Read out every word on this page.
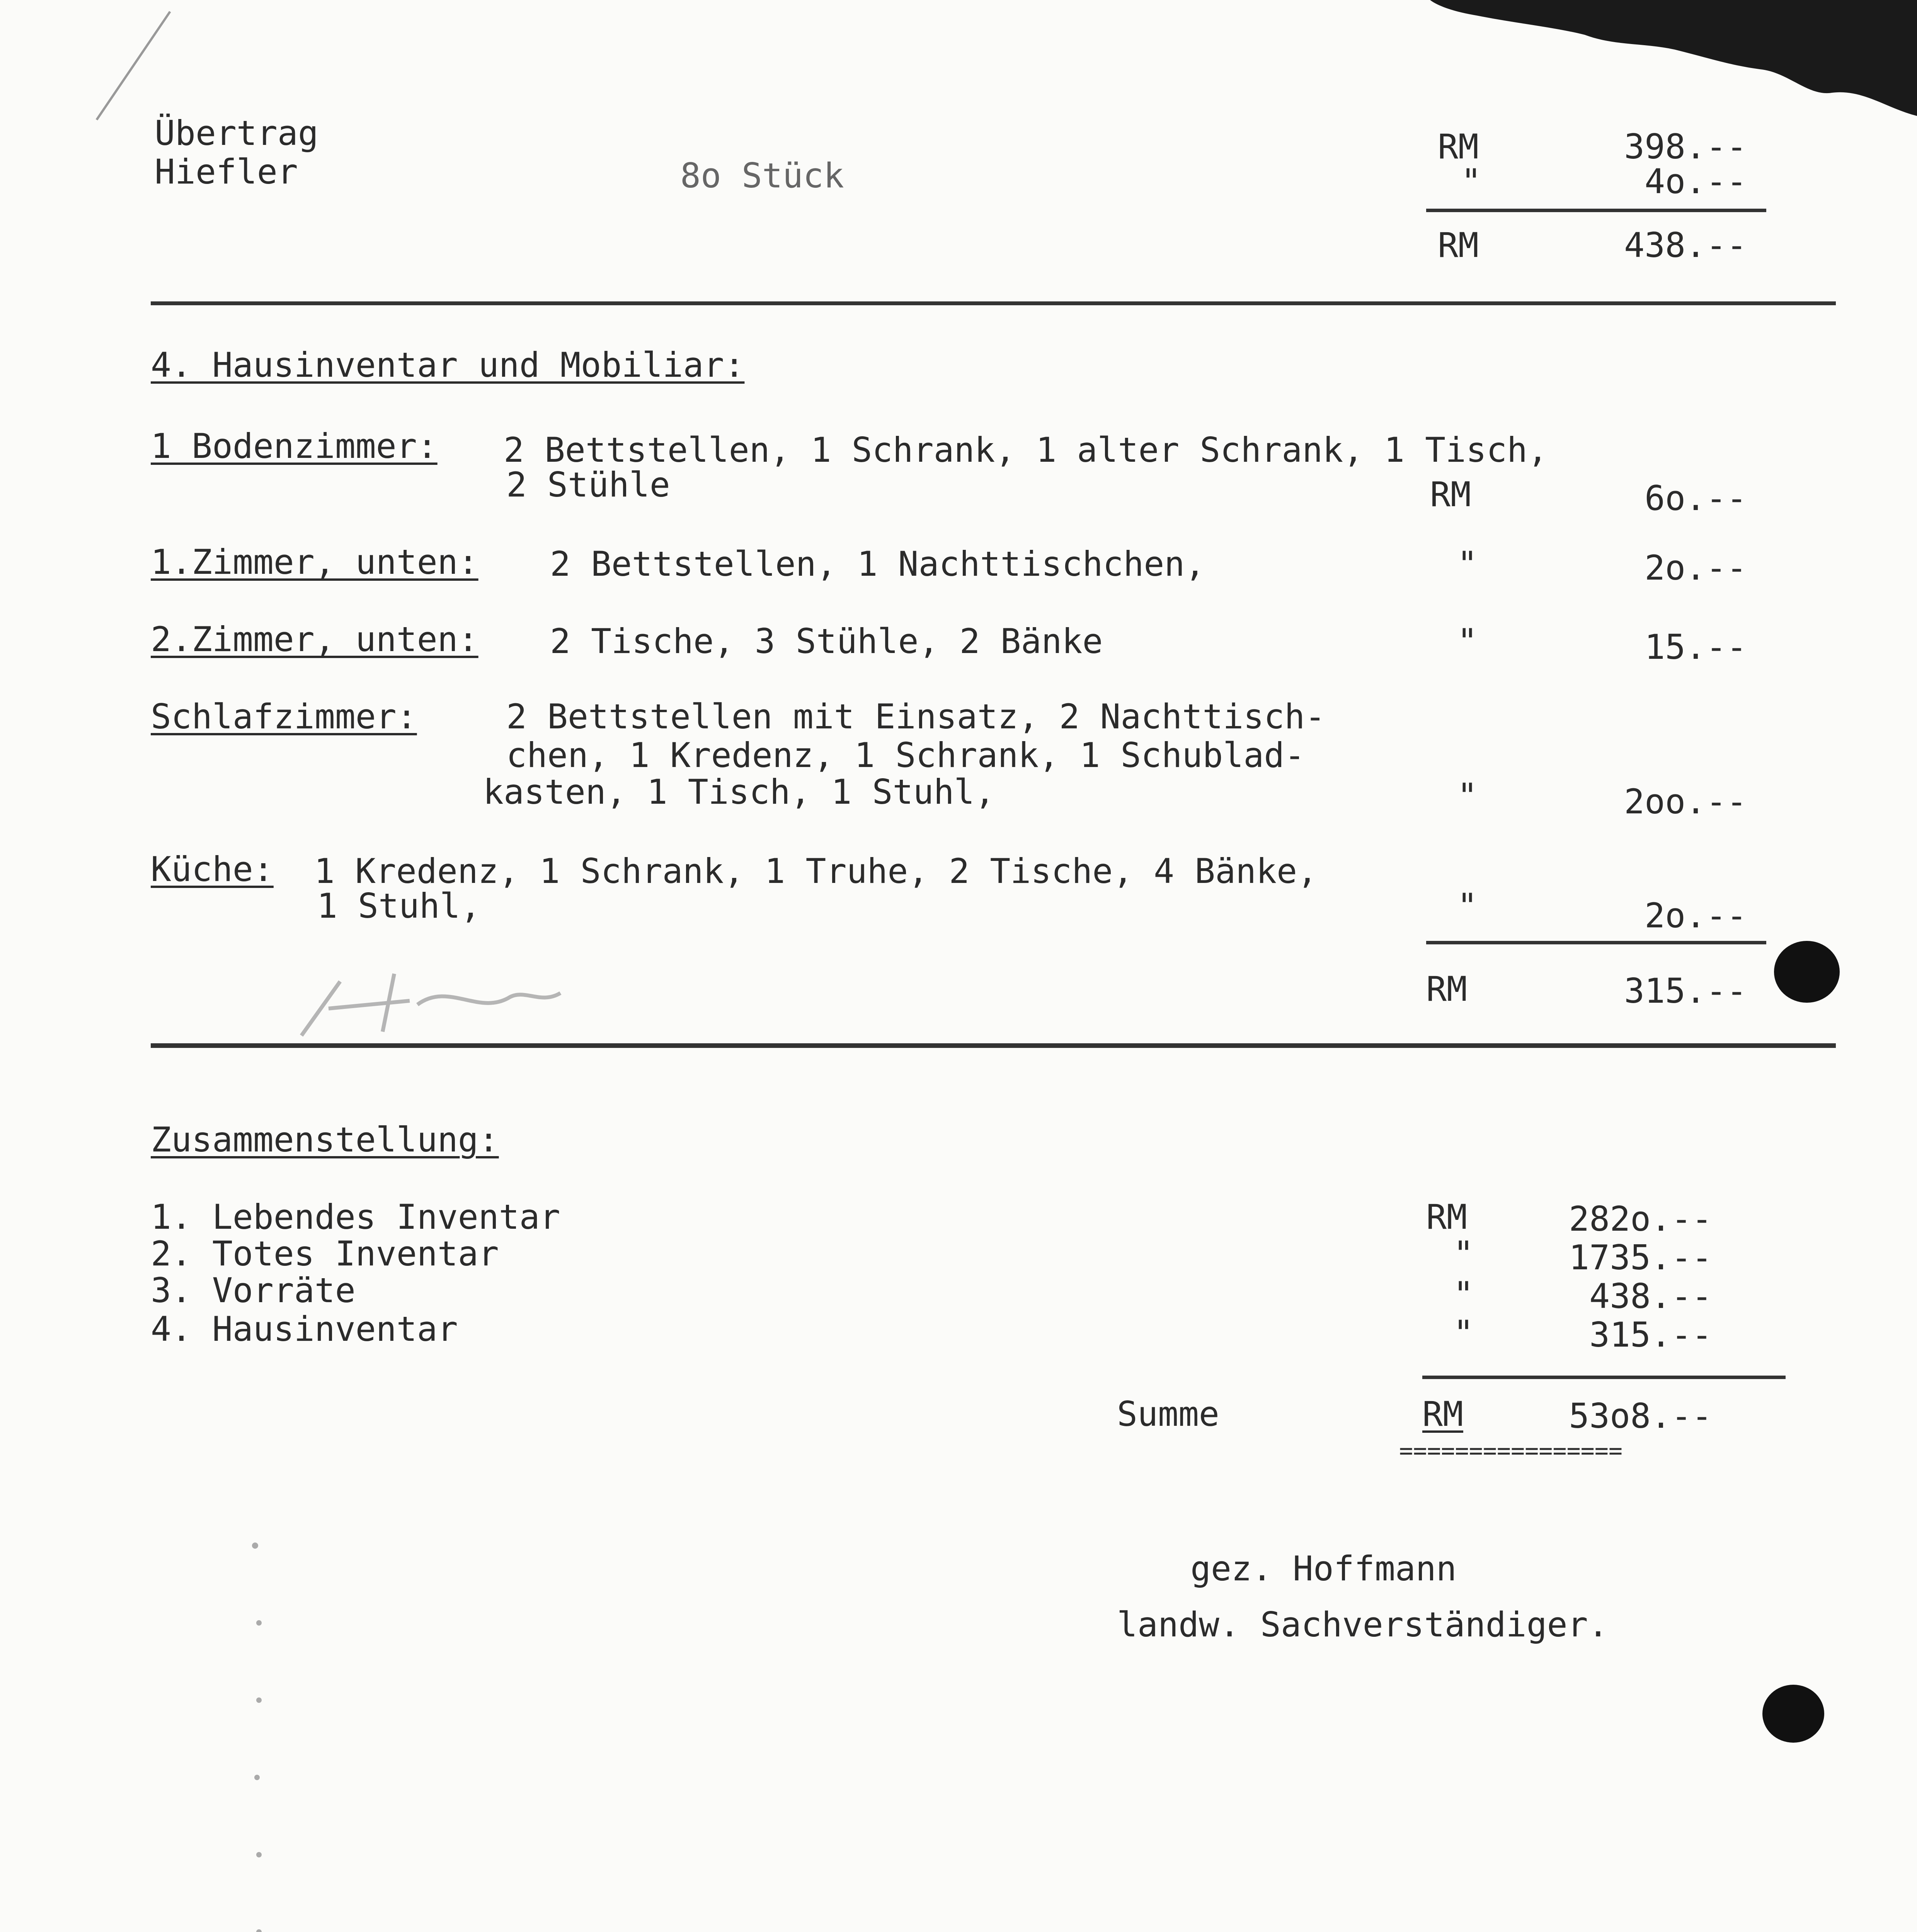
Übertrag
Hiefler	8o Stück
RM	398.--
"	4o.--
RM	438.--
4. Hausinventar und Mobiliar:
1 Bodenzimmer: 2 Bettstellen, 1 Schrank, 1 alter Schrank, 1 Tisch,
2 Stühle	RM	6o.--
1.Zimmer, unten: 2 Bettstellen, 1 Nachttischchen,	"	2o.--
2.Zimmer, unten: 2 Tische, 3 Stühle, 2 Bänke	"	15.--
Schlafzimmer:	2 Bettstellen mit Einsatz, 2 Nachttisch-
chen, 1 Kredenz, 1 Schrank, 1 Schublad-
kasten, 1 Tisch, 1 Stuhl,	"	2oo.--
Küche: 1 Kredenz, 1 Schrank, 1 Truhe, 2 Tische, 4 Bänke,
1 Stuhl,	"	2o.--
RM	315.--
Zusammenstellung:
1. Lebendes Inventar	RM	282o.--
2. Totes Inventar	"	1735.--
3. Vorräte	"	438.--
4. Hausinventar	"	315.--
Summe	RM	53o8.--
================
gez. Hoffmann
landw. Sachverständiger.
